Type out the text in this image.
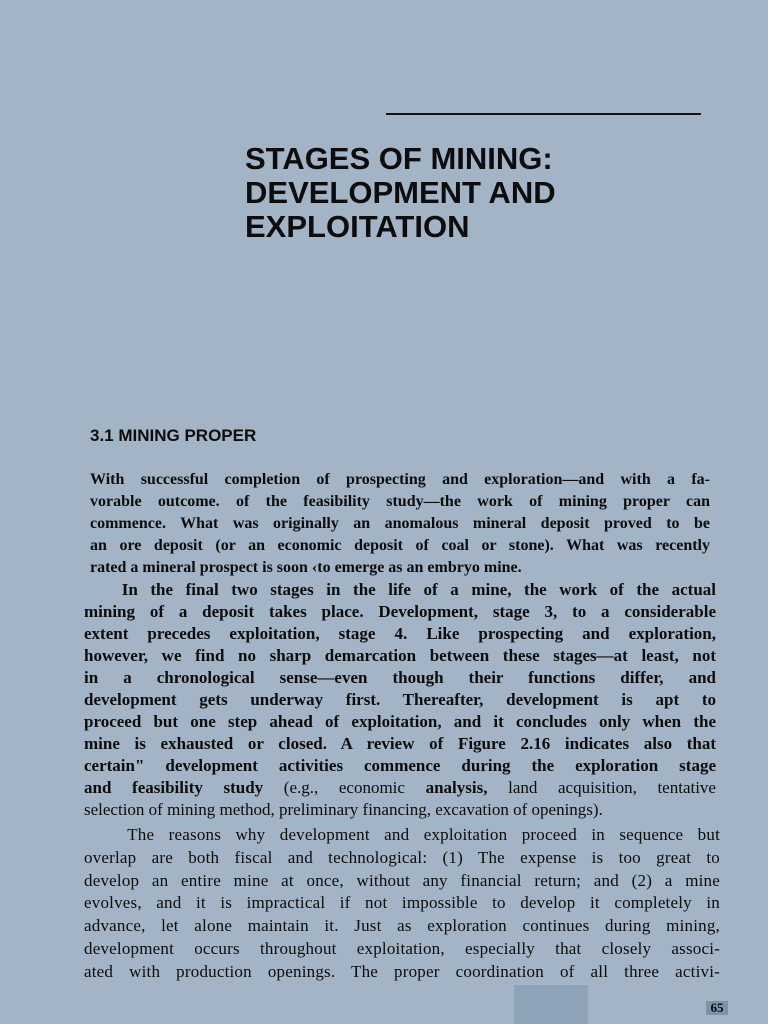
STAGES OF MINING:
DEVELOPMENT AND
EXPLOITATION
3.1 MINING PROPER

With successful completion of prospecting and exploration—and with a fa-
vorable outcome. of the feasibility study—the work of mining proper can
commence. What was originally an anomalous mineral deposit proved to be
an ore deposit (or an economic deposit of coal or stone). What was recently
rated a mineral prospect is soon ‹to emerge as an embryo mine.

In the final two stages in the life of a mine, the work of the actual
mining of a deposit takes place. Development, stage 3, to a considerable
extent precedes exploitation, stage 4. Like prospecting and exploration,
however, we find no sharp demarcation between these stages—at least, not
in a chronological sense—even though their functions differ, and
development gets underway first. Thereafter, development is apt to
proceed but one step ahead of exploitation, and it concludes only when the
mine is exhausted or closed. A review of Figure 2.16 indicates also that
certain" development activities commence during the exploration stage
and feasibility study (e.g., economic analysis, land acquisition, tentative
selection of mining method, preliminary financing, excavation of openings).

The reasons why development and exploitation proceed in sequence but
overlap are both fiscal and technological: (1) The expense is too great to
develop an entire mine at once, without any financial return; and (2) a mine
evolves, and it is impractical if not impossible to develop it completely in
advance, let alone maintain it. Just as exploration continues during mining,
development occurs throughout exploitation, especially that closely associ-
ated with production openings. The proper coordination of all three activi-

65
